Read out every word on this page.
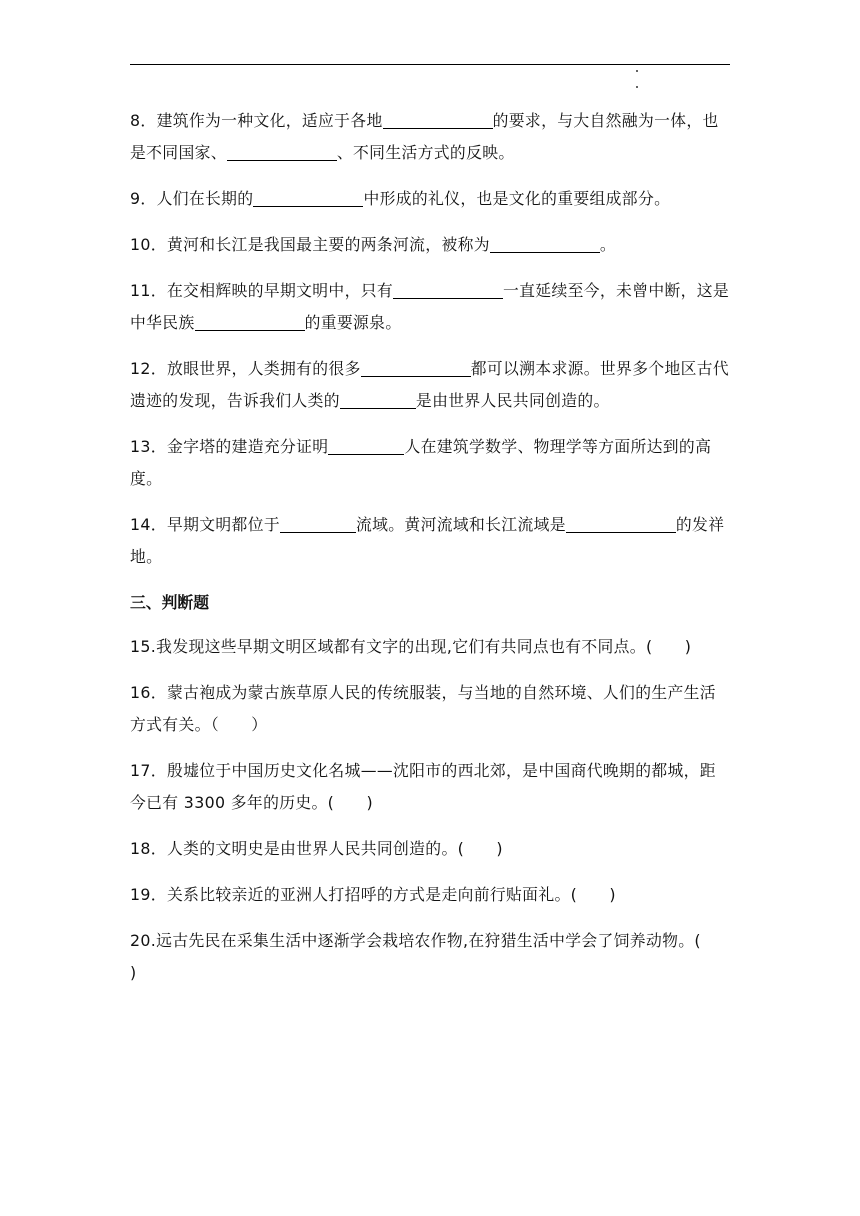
8．建筑作为一种文化，适应于各地	的要求，与大自然融为一体，也是不同国家、	、不同生活方式的反映。

9．人们在长期的	中形成的礼仪，也是文化的重要组成部分。

10．黄河和长江是我国最主要的两条河流，被称为	。

11．在交相辉映的早期文明中，只有	一直延续至今，未曾中断，这是中华民族	的重要源泉。

12．放眼世界，人类拥有的很多	都可以溯本求源。世界多个地区古代遗迹的发现，告诉我们人类的	是由世界人民共同创造的。

13．金字塔的建造充分证明	人在建筑学数学、物理学等方面所达到的高度。

14．早期文明都位于	流域。黄河流域和长江流域是	的发祥地。

三、判断题

15.我发现这些早期文明区域都有文字的出现,它们有共同点也有不同点。(　　)

16．蒙古袍成为蒙古族草原人民的传统服装，与当地的自然环境、人们的生产生活方式有关。（　　）

17．殷墟位于中国历史文化名城——沈阳市的西北郊，是中国商代晚期的都城，距今已有 3300 多年的历史。(　　)

18．人类的文明史是由世界人民共同创造的。(　　)

19．关系比较亲近的亚洲人打招呼的方式是走向前行贴面礼。(　　)

20.远古先民在采集生活中逐渐学会栽培农作物,在狩猎生活中学会了饲养动物。(　　)
